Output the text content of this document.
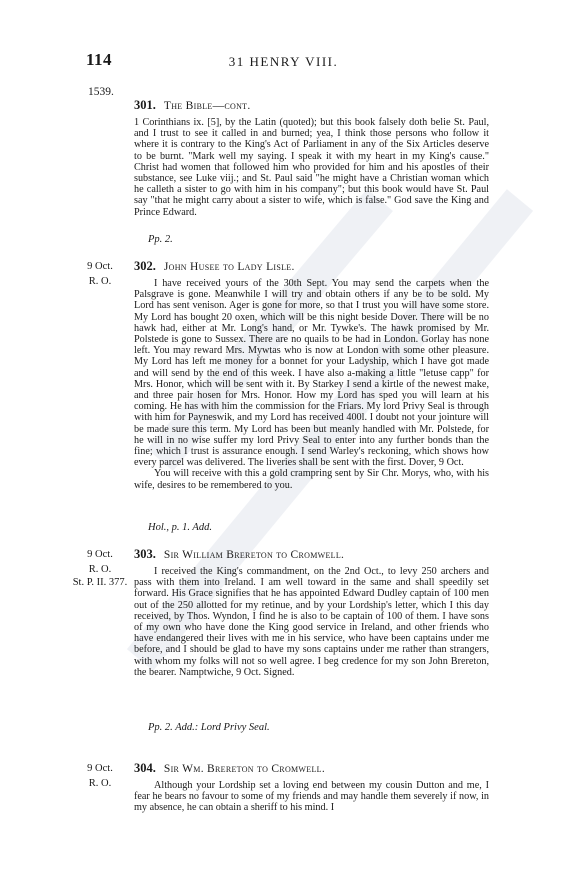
114	31 HENRY VIII.
1539.
301. The Bible—cont.

1 Corinthians ix. [5], by the Latin (quoted); but this book falsely doth belie St. Paul, and I trust to see it called in and burned; yea, I think those persons who follow it where it is contrary to the King's Act of Parliament in any of the Six Articles deserve to be burnt. "Mark well my saying. I speak it with my heart in my King's cause." Christ had women that followed him who provided for him and his apostles of their substance, see Luke viij.; and St. Paul said "he might have a Christian woman which he calleth a sister to go with him in his company"; but this book would have St. Paul say "that he might carry about a sister to wife, which is false." God save the King and Prince Edward.

Pp. 2.
9 Oct.
R. O.
302. John Husee to Lady Lisle.

I have received yours of the 30th Sept. You may send the carpets when the Palsgrave is gone. Meanwhile I will try and obtain others if any be to be sold. My Lord has sent venison. Ager is gone for more, so that I trust you will have some store. My Lord has bought 20 oxen, which will be this night beside Dover. There will be no hawk had, either at Mr. Long's hand, or Mr. Tywke's. The hawk promised by Mr. Polstede is gone to Sussex. There are no quails to be had in London. Gorlay has none left. You may reward Mrs. Mywtas who is now at London with some other pleasure. My Lord has left me money for a bonnet for your Ladyship, which I have got made and will send by the end of this week. I have also a-making a little "letuse capp" for Mrs. Honor, which will be sent with it. By Starkey I send a kirtle of the newest make, and three pair hosen for Mrs. Honor. How my Lord has sped you will learn at his coming. He has with him the commission for the Friars. My lord Privy Seal is through with him for Payneswik, and my Lord has received 400l. I doubt not your jointure will be made sure this term. My Lord has been but meanly handled with Mr. Polstede, for he will in no wise suffer my lord Privy Seal to enter into any further bonds than the fine; which I trust is assurance enough. I send Warley's reckoning, which shows how every parcel was delivered. The liveries shall be sent with the first. Dover, 9 Oct.

You will receive with this a gold crampring sent by Sir Chr. Morys, who, with his wife, desires to be remembered to you.

Hol., p. 1. Add.
9 Oct.
R. O.
St. P. II. 377.
303. Sir William Brereton to Cromwell.

I received the King's commandment, on the 2nd Oct., to levy 250 archers and pass with them into Ireland. I am well toward in the same and shall speedily set forward. His Grace signifies that he has appointed Edward Dudley captain of 100 men out of the 250 allotted for my retinue, and by your Lordship's letter, which I this day received, by Thos. Wyndon, I find he is also to be captain of 100 of them. I have sons of my own who have done the King good service in Ireland, and other friends who have endangered their lives with me in his service, who have been captains under me before, and I should be glad to have my sons captains under me rather than strangers, with whom my folks will not so well agree. I beg credence for my son John Brereton, the bearer. Namptwiche, 9 Oct. Signed.

Pp. 2. Add.: Lord Privy Seal.
9 Oct.
R. O.
304. Sir Wm. Brereton to Cromwell.

Although your Lordship set a loving end between my cousin Dutton and me, I fear he bears no favour to some of my friends and may handle them severely if now, in my absence, he can obtain a sheriff to his mind. I
